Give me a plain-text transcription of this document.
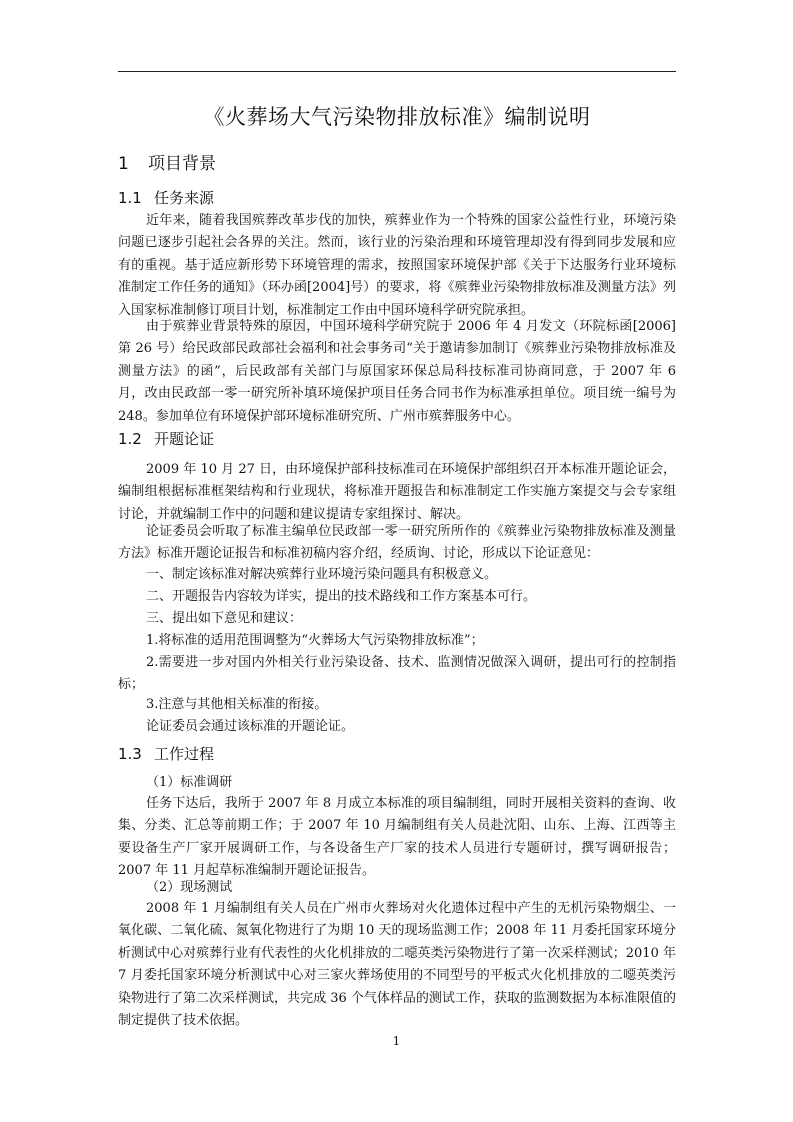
《火葬场大气污染物排放标准》编制说明
1 项目背景
1.1 任务来源

近年来，随着我国殡葬改革步伐的加快，殡葬业作为一个特殊的国家公益性行业，环境污染问题已逐步引起社会各界的关注。然而，该行业的污染治理和环境管理却没有得到同步发展和应有的重视。基于适应新形势下环境管理的需求，按照国家环境保护部《关于下达服务行业环境标准制定工作任务的通知》（环办函[2004]号）的要求，将《殡葬业污染物排放标准及测量方法》列入国家标准制修订项目计划，标准制定工作由中国环境科学研究院承担。

由于殡葬业背景特殊的原因，中国环境科学研究院于 2006 年 4 月发文（环院标函[2006] 第 26 号）给民政部民政部社会福利和社会事务司“关于邀请参加制订《殡葬业污染物排放标准及测量方法》的函”，后民政部有关部门与原国家环保总局科技标准司协商同意，于 2007 年 6 月，改由民政部一零一研究所补填环境保护项目任务合同书作为标准承担单位。项目统一编号为 248。参加单位有环境保护部环境标准研究所、广州市殡葬服务中心。

1.2 开题论证

2009 年 10 月 27 日，由环境保护部科技标准司在环境保护部组织召开本标准开题论证会，编制组根据标准框架结构和行业现状，将标准开题报告和标准制定工作实施方案提交与会专家组讨论，并就编制工作中的问题和建议提请专家组探讨、解决。

论证委员会听取了标准主编单位民政部一零一研究所所作的《殡葬业污染物排放标准及测量方法》标准开题论证报告和标准初稿内容介绍，经质询、讨论，形成以下论证意见：

一、制定该标准对解决殡葬行业环境污染问题具有积极意义。
二、开题报告内容较为详实，提出的技术路线和工作方案基本可行。
三、提出如下意见和建议：
1.将标准的适用范围调整为“火葬场大气污染物排放标准”；

2.需要进一步对国内外相关行业污染设备、技术、监测情况做深入调研，提出可行的控制指标；

3.注意与其他相关标准的衔接。
论证委员会通过该标准的开题论证。
1.3 工作过程
（1）标准调研

任务下达后，我所于 2007 年 8 月成立本标准的项目编制组，同时开展相关资料的查询、收集、分类、汇总等前期工作；于 2007 年 10 月编制组有关人员赴沈阳、山东、上海、江西等主要设备生产厂家开展调研工作，与各设备生产厂家的技术人员进行专题研讨，撰写调研报告；2007 年 11 月起草标准编制开题论证报告。

（2）现场测试

2008 年 1 月编制组有关人员在广州市火葬场对火化遗体过程中产生的无机污染物烟尘、一氧化碳、二氧化硫、氮氧化物进行了为期 10 天的现场监测工作；2008 年 11 月委托国家环境分析测试中心对殡葬行业有代表性的火化机排放的二噁英类污染物进行了第一次采样测试；2010 年 7 月委托国家环境分析测试中心对三家火葬场使用的不同型号的平板式火化机排放的二噁英类污染物进行了第二次采样测试，共完成 36 个气体样品的测试工作，获取的监测数据为本标准限值的制定提供了技术依据。

1
